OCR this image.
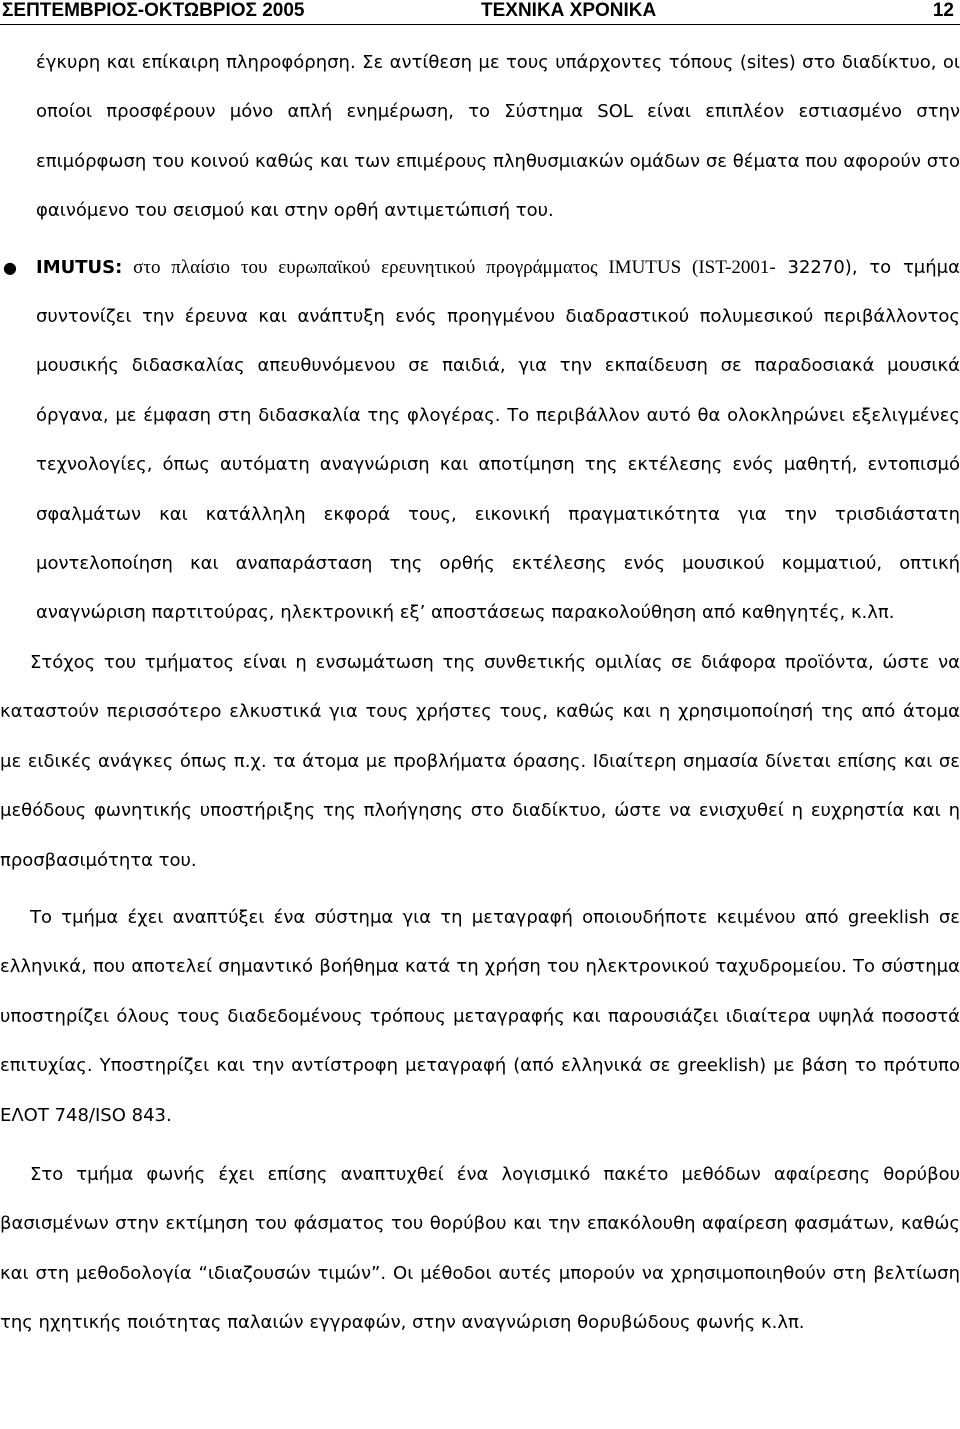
ΣΕΠΤΕΜΒΡΙΟΣ-ΟΚΤΩΒΡΙΟΣ 2005	ΤΕΧΝΙΚΑ ΧΡΟΝΙΚΑ	12

έγκυρη και επίκαιρη πληροφόρηση. Σε αντίθεση με τους υπάρχοντες τόπους (sites) στο διαδίκτυο, οι οποίοι προσφέρουν μόνο απλή ενημέρωση, το Σύστημα SOL είναι επιπλέον εστιασμένο στην επιμόρφωση του κοινού καθώς και των επιμέρους πληθυσμιακών ομάδων σε θέματα που αφορούν στο φαινόμενο του σεισμού και στην ορθή αντιμετώπισή του.

● IMUTUS: στο πλαίσιο του ευρωπαϊκού ερευνητικού προγράμματος IMUTUS (IST-2001- 32270), το τμήμα συντονίζει την έρευνα και ανάπτυξη ενός προηγμένου διαδραστικού πολυμεσικού περιβάλλοντος μουσικής διδασκαλίας απευθυνόμενου σε παιδιά, για την εκπαίδευση σε παραδοσιακά μουσικά όργανα, με έμφαση στη διδασκαλία της φλογέρας. Το περιβάλλον αυτό θα ολοκληρώνει εξελιγμένες τεχνολογίες, όπως αυτόματη αναγνώριση και αποτίμηση της εκτέλεσης ενός μαθητή, εντοπισμό σφαλμάτων και κατάλληλη εκφορά τους, εικονική πραγματικότητα για την τρισδιάστατη μοντελοποίηση και αναπαράσταση της ορθής εκτέλεσης ενός μουσικού κομματιού, οπτική αναγνώριση παρτιτούρας, ηλεκτρονική εξ’ αποστάσεως παρακολούθηση από καθηγητές, κ.λπ.

Στόχος του τμήματος είναι η ενσωμάτωση της συνθετικής ομιλίας σε διάφορα προϊόντα, ώστε να καταστούν περισσότερο ελκυστικά για τους χρήστες τους, καθώς και η χρησιμοποίησή της από άτομα με ειδικές ανάγκες όπως π.χ. τα άτομα με προβλήματα όρασης. Ιδιαίτερη σημασία δίνεται επίσης και σε μεθόδους φωνητικής υποστήριξης της πλοήγησης στο διαδίκτυο, ώστε να ενισχυθεί η ευχρηστία και η προσβασιμότητα του.

Το τμήμα έχει αναπτύξει ένα σύστημα για τη μεταγραφή οποιουδήποτε κειμένου από greeklish σε ελληνικά, που αποτελεί σημαντικό βοήθημα κατά τη χρήση του ηλεκτρονικού ταχυδρομείου. Το σύστημα υποστηρίζει όλους τους διαδεδομένους τρόπους μεταγραφής και παρουσιάζει ιδιαίτερα υψηλά ποσοστά επιτυχίας. Υποστηρίζει και την αντίστροφη μεταγραφή (από ελληνικά σε greeklish) με βάση το πρότυπο ΕΛΟΤ 748/ISO 843.

Στο τμήμα φωνής έχει επίσης αναπτυχθεί ένα λογισμικό πακέτο μεθόδων αφαίρεσης θορύβου βασισμένων στην εκτίμηση του φάσματος του θορύβου και την επακόλουθη αφαίρεση φασμάτων, καθώς και στη μεθοδολογία “ιδιαζουσών τιμών”. Οι μέθοδοι αυτές μπορούν να χρησιμοποιηθούν στη βελτίωση της ηχητικής ποιότητας παλαιών εγγραφών, στην αναγνώριση θορυβώδους φωνής κ.λπ.
